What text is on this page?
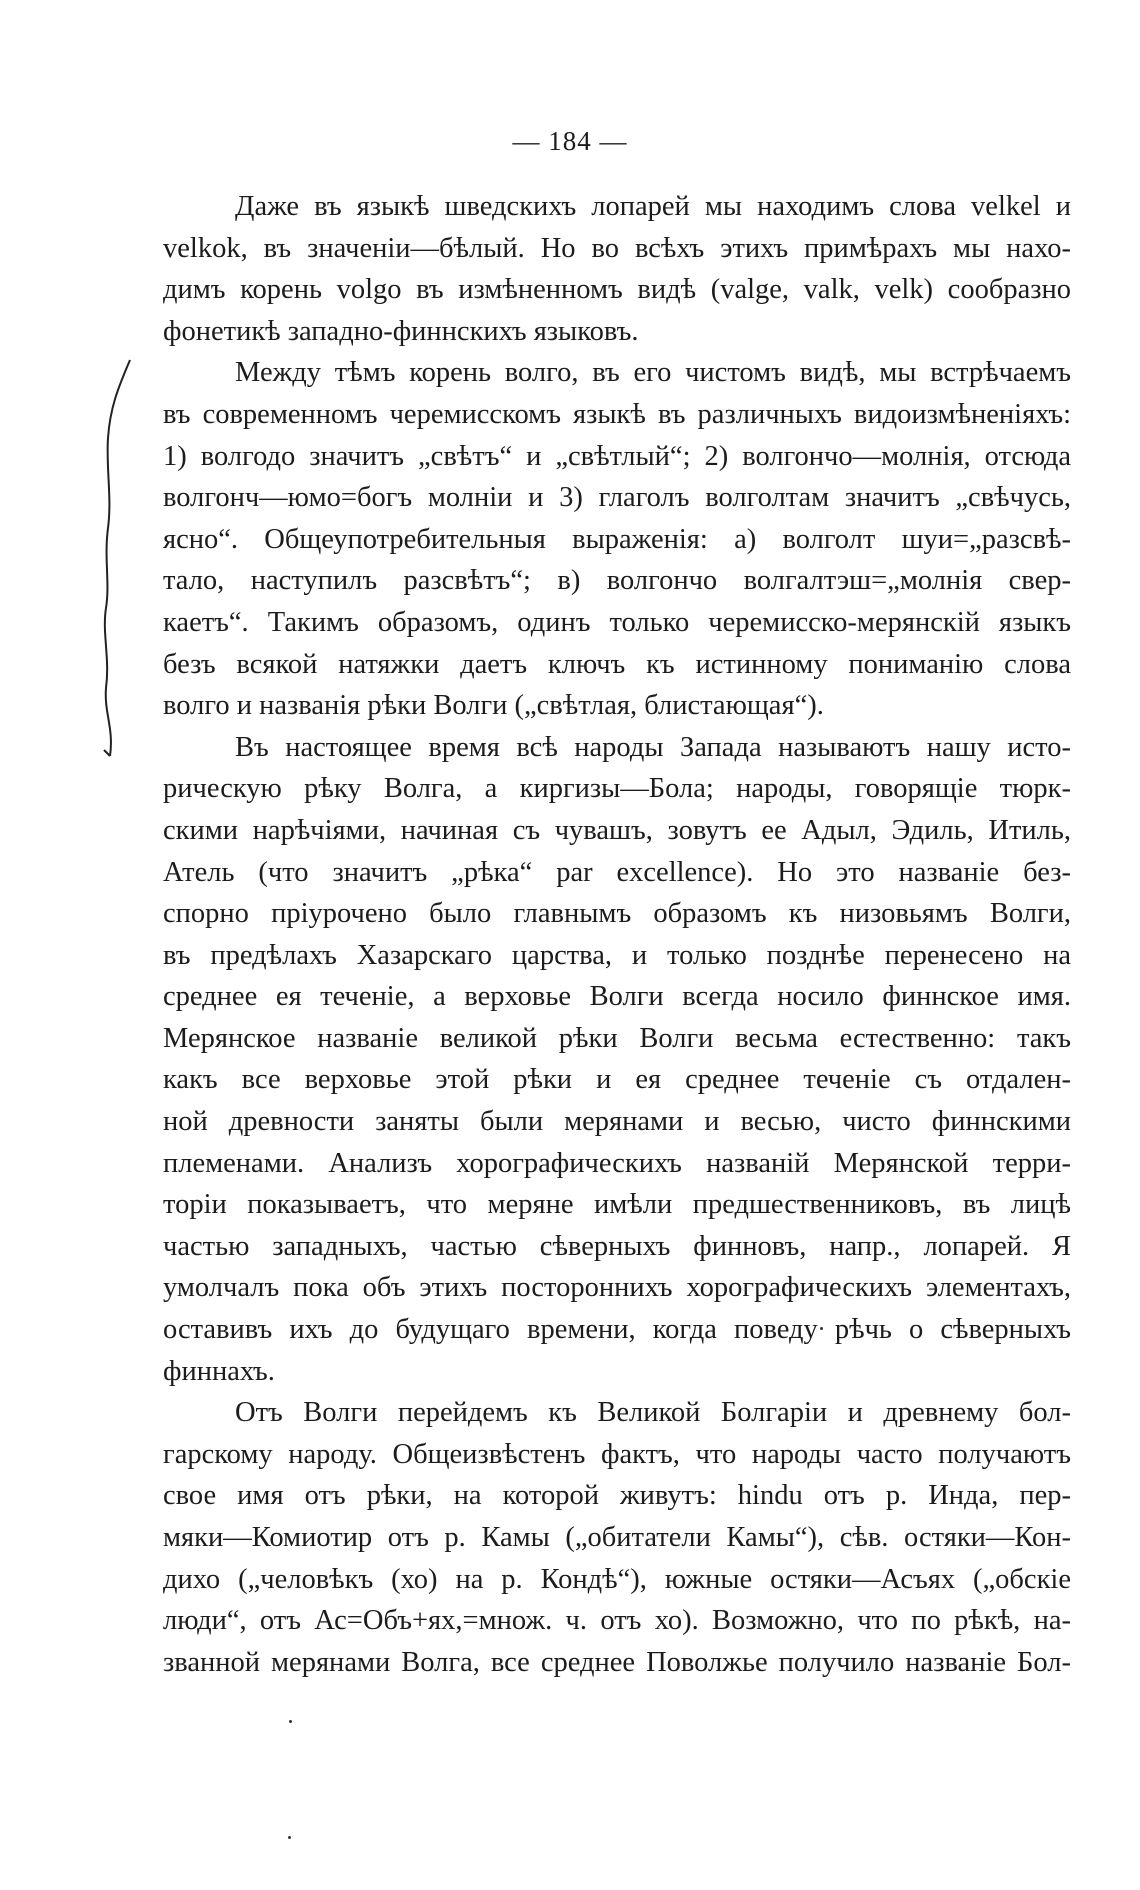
— 184 —

Даже въ языкѣ шведскихъ лопарей мы находимъ слова velkel и
velkok, въ значеніи—бѣлый. Но во всѣхъ этихъ примѣрахъ мы нахо-
димъ корень volgo въ измѣненномъ видѣ (valge, valk, velk) сообразно
фонетикѣ западно-финнскихъ языковъ.

Между тѣмъ корень волго, въ его чистомъ видѣ, мы встрѣчаемъ
въ современномъ черемисскомъ языкѣ въ различныхъ видоизмѣненіяхъ:
1) волгодо значитъ „свѣтъ“ и „свѣтлый“; 2) волгончо—молнія, отсюда
волгонч—юмо=богъ молніи и 3) глаголъ волголтам значитъ „свѣчусь,
ясно“. Общеупотребительныя выраженія: a) волголт шуи=„разсвѣ-
тало, наступилъ разсвѣтъ“; в) волгончо волгалтэш=„молнія свер-
каетъ“. Такимъ образомъ, одинъ только черемисско-мерянскій языкъ
безъ всякой натяжки даетъ ключъ къ истинному пониманію слова
волго и названія рѣки Волги („свѣтлая, блистающая“).

Въ настоящее время всѣ народы Запада называютъ нашу исто-
рическую рѣку Волга, а киргизы—Бола; народы, говорящіе тюрк-
скими нарѣчіями, начиная съ чувашъ, зовутъ ее Адыл, Эдиль, Итиль,
Атель (что значитъ „рѣка“ par excellence). Но это названіе без-
спорно пріурочено было главнымъ образомъ къ низовьямъ Волги,
въ предѣлахъ Хазарскаго царства, и только позднѣе перенесено на
среднее ея теченіе, а верховье Волги всегда носило финнское имя.
Мерянское названіе великой рѣки Волги весьма естественно: такъ
какъ все верховье этой рѣки и ея среднее теченіе съ отдален-
ной древности заняты были мерянами и весью, чисто финнскими
племенами. Анализъ хорографическихъ названій Мерянской терри-
торіи показываетъ, что меряне имѣли предшественниковъ, въ лицѣ
частью западныхъ, частью сѣверныхъ финновъ, напр., лопарей. Я
умолчалъ пока объ этихъ постороннихъ хорографическихъ элементахъ,
оставивъ ихъ до будущаго времени, когда поведу рѣчь о сѣверныхъ
финнахъ.

Отъ Волги перейдемъ къ Великой Болгаріи и древнему бол-
гарскому народу. Общеизвѣстенъ фактъ, что народы часто получаютъ
свое имя отъ рѣки, на которой живутъ: hindu отъ р. Инда, пер-
мяки—Комиотир отъ р. Камы („обитатели Камы“), сѣв. остяки—Кон-
дихо („человѣкъ (хо) на р. Кондѣ“), южные остяки—Асъях („обскіе
люди“, отъ Ас=Объ+ях,=множ. ч. отъ хо). Возможно, что по рѣкѣ, на-
званной мерянами Волга, все среднее Поволжье получило названіе Бол-
